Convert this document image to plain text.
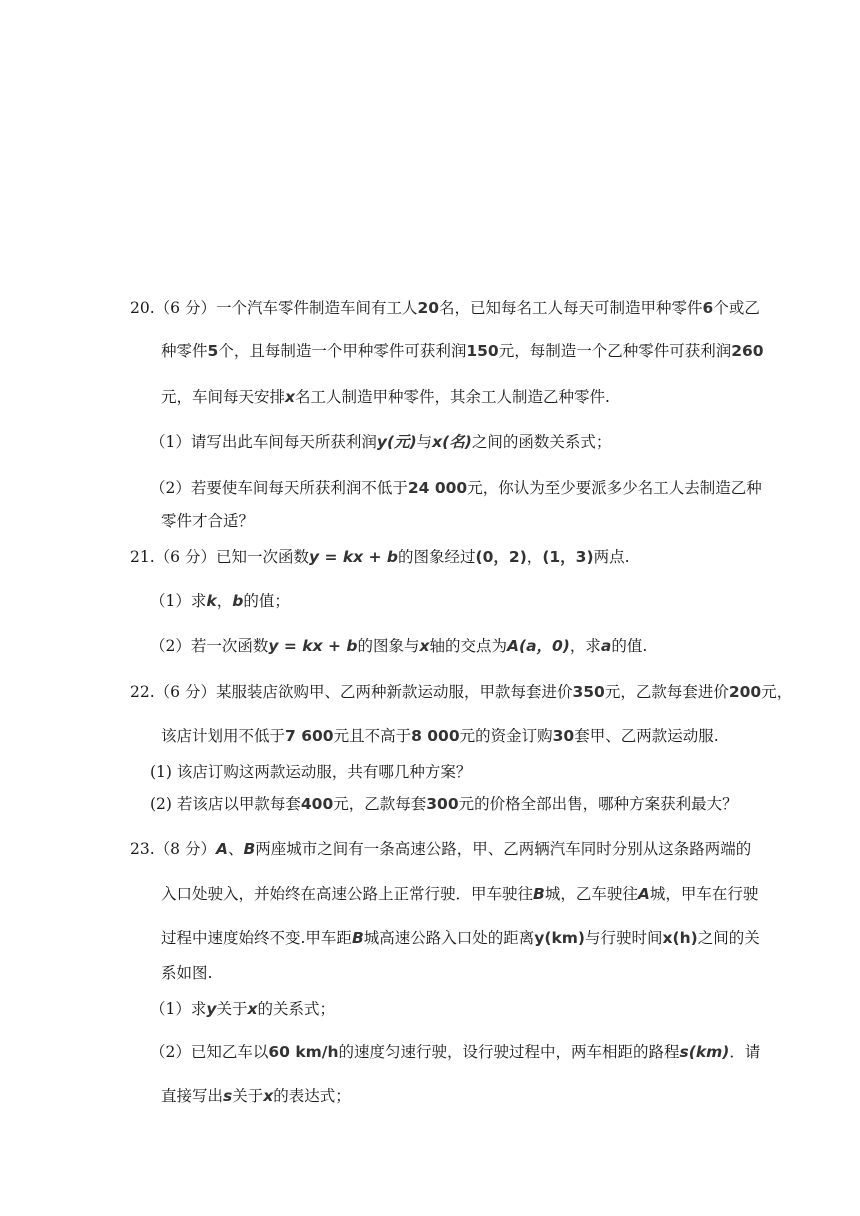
20.（6 分）一个汽车零件制造车间有工人20名，已知每名工人每天可制造甲种零件6个或乙
种零件5个，且每制造一个甲种零件可获利润150元，每制造一个乙种零件可获利润260
元，车间每天安排x名工人制造甲种零件，其余工人制造乙种零件.
（1）请写出此车间每天所获利润y(元)与x(名)之间的函数关系式；
（2）若要使车间每天所获利润不低于24 000元，你认为至少要派多少名工人去制造乙种
零件才合适？
21.（6 分）已知一次函数y = kx + b的图象经过(0，2)，(1，3)两点.
（1）求k，b的值；
（2）若一次函数y = kx + b的图象与x轴的交点为A(a，0)，求a的值.
22.（6 分）某服装店欲购甲、乙两种新款运动服，甲款每套进价350元，乙款每套进价200元，
该店计划用不低于7 600元且不高于8 000元的资金订购30套甲、乙两款运动服.
(1) 该店订购这两款运动服，共有哪几种方案？
(2) 若该店以甲款每套400元，乙款每套300元的价格全部出售，哪种方案获利最大？
23.（8 分）A、B两座城市之间有一条高速公路，甲、乙两辆汽车同时分别从这条路两端的
入口处驶入，并始终在高速公路上正常行驶．甲车驶往B城，乙车驶往A城，甲车在行驶
过程中速度始终不变.甲车距B城高速公路入口处的距离y(km)与行驶时间x(h)之间的关
系如图.
（1）求y关于x的关系式；
（2）已知乙车以60 km/h的速度匀速行驶，设行驶过程中，两车相距的路程s(km)．请
直接写出s关于x的表达式；
